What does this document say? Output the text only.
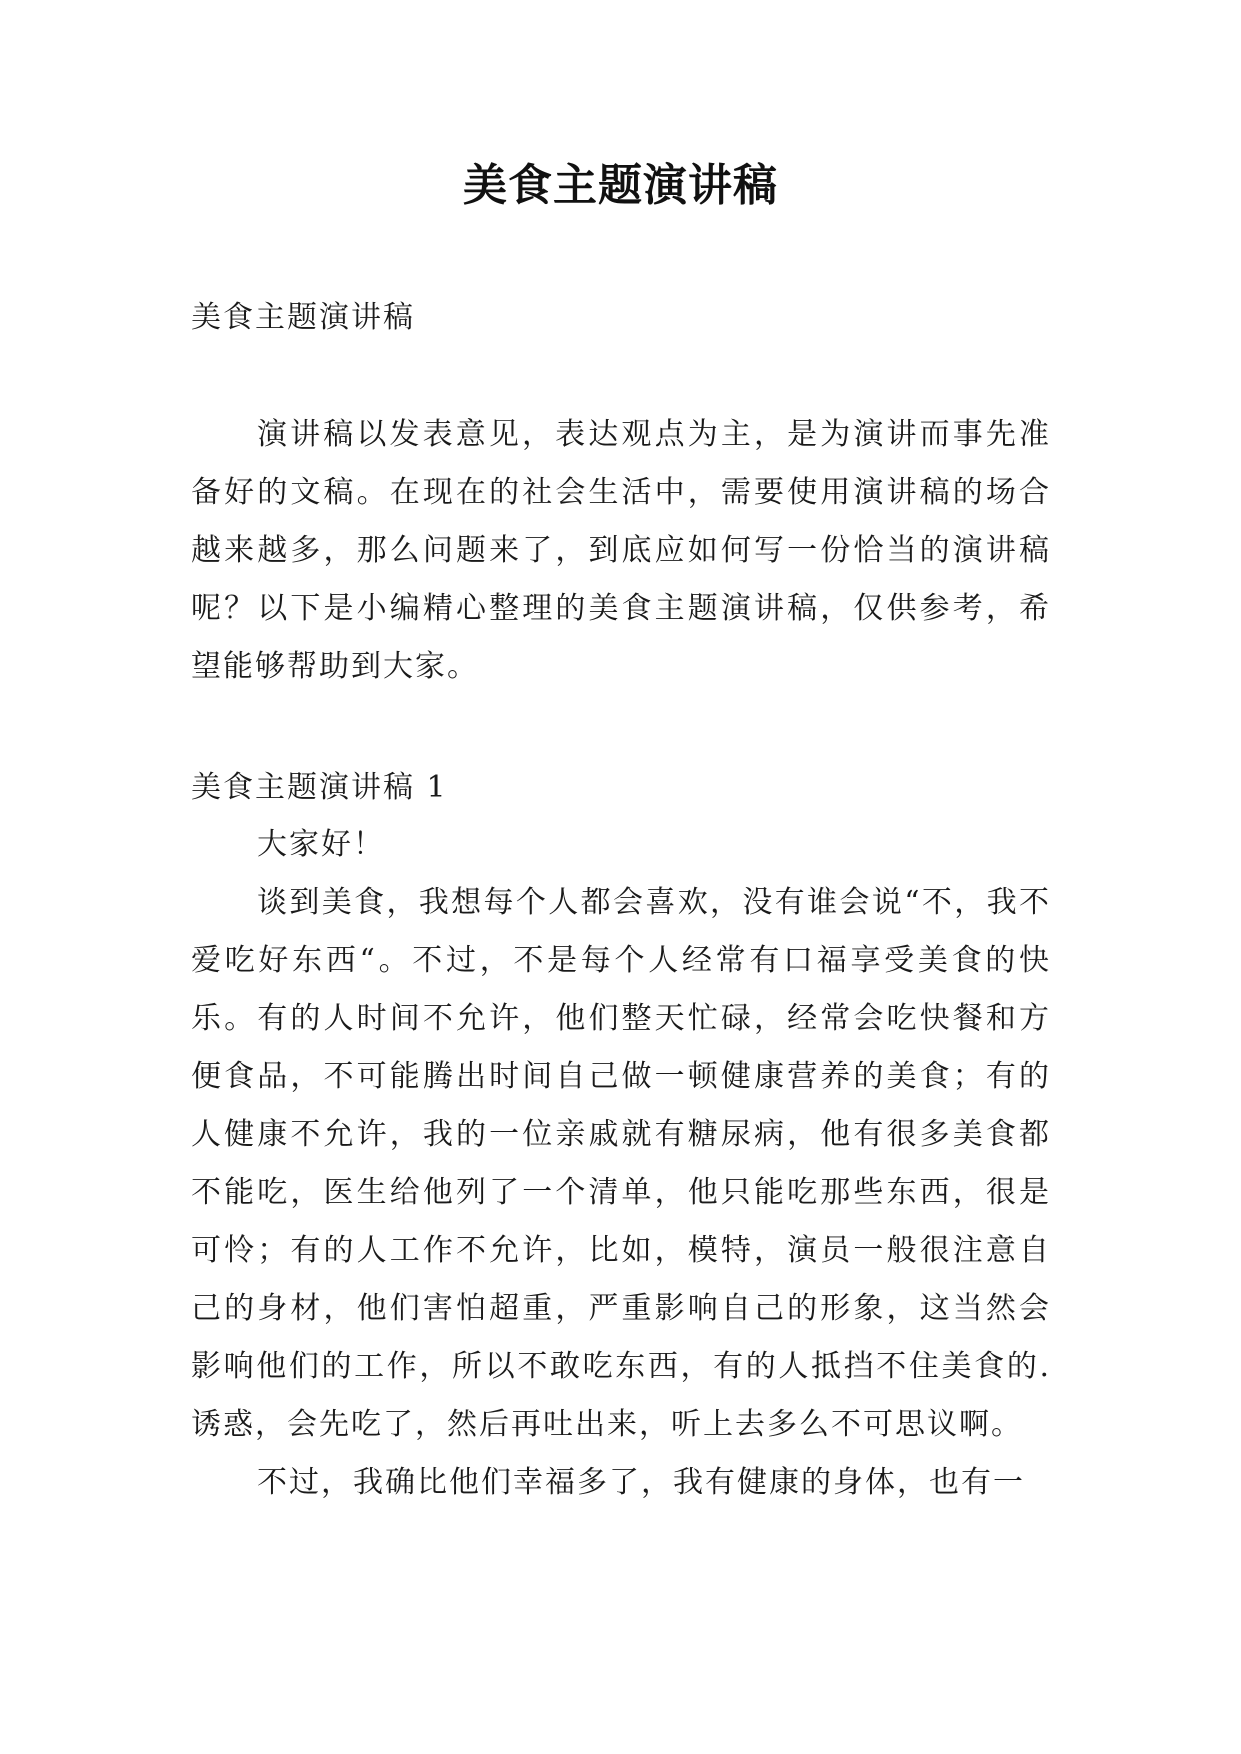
美食主题演讲稿
美食主题演讲稿

演讲稿以发表意见，表达观点为主，是为演讲而事先准备好的文稿。在现在的社会生活中，需要使用演讲稿的场合越来越多，那么问题来了，到底应如何写一份恰当的演讲稿呢？以下是小编精心整理的美食主题演讲稿，仅供参考，希望能够帮助到大家。

美食主题演讲稿 1

大家好！

谈到美食，我想每个人都会喜欢，没有谁会说“不，我不爱吃好东西“。不过，不是每个人经常有口福享受美食的快乐。有的人时间不允许，他们整天忙碌，经常会吃快餐和方便食品，不可能腾出时间自己做一顿健康营养的美食；有的人健康不允许，我的一位亲戚就有糖尿病，他有很多美食都不能吃，医生给他列了一个清单，他只能吃那些东西，很是可怜；有的人工作不允许，比如，模特，演员一般很注意自己的身材，他们害怕超重，严重影响自己的形象，这当然会影响他们的工作，所以不敢吃东西，有的人抵挡不住美食的.诱惑，会先吃了，然后再吐出来，听上去多么不可思议啊。

不过，我确比他们幸福多了，我有健康的身体，也有一
